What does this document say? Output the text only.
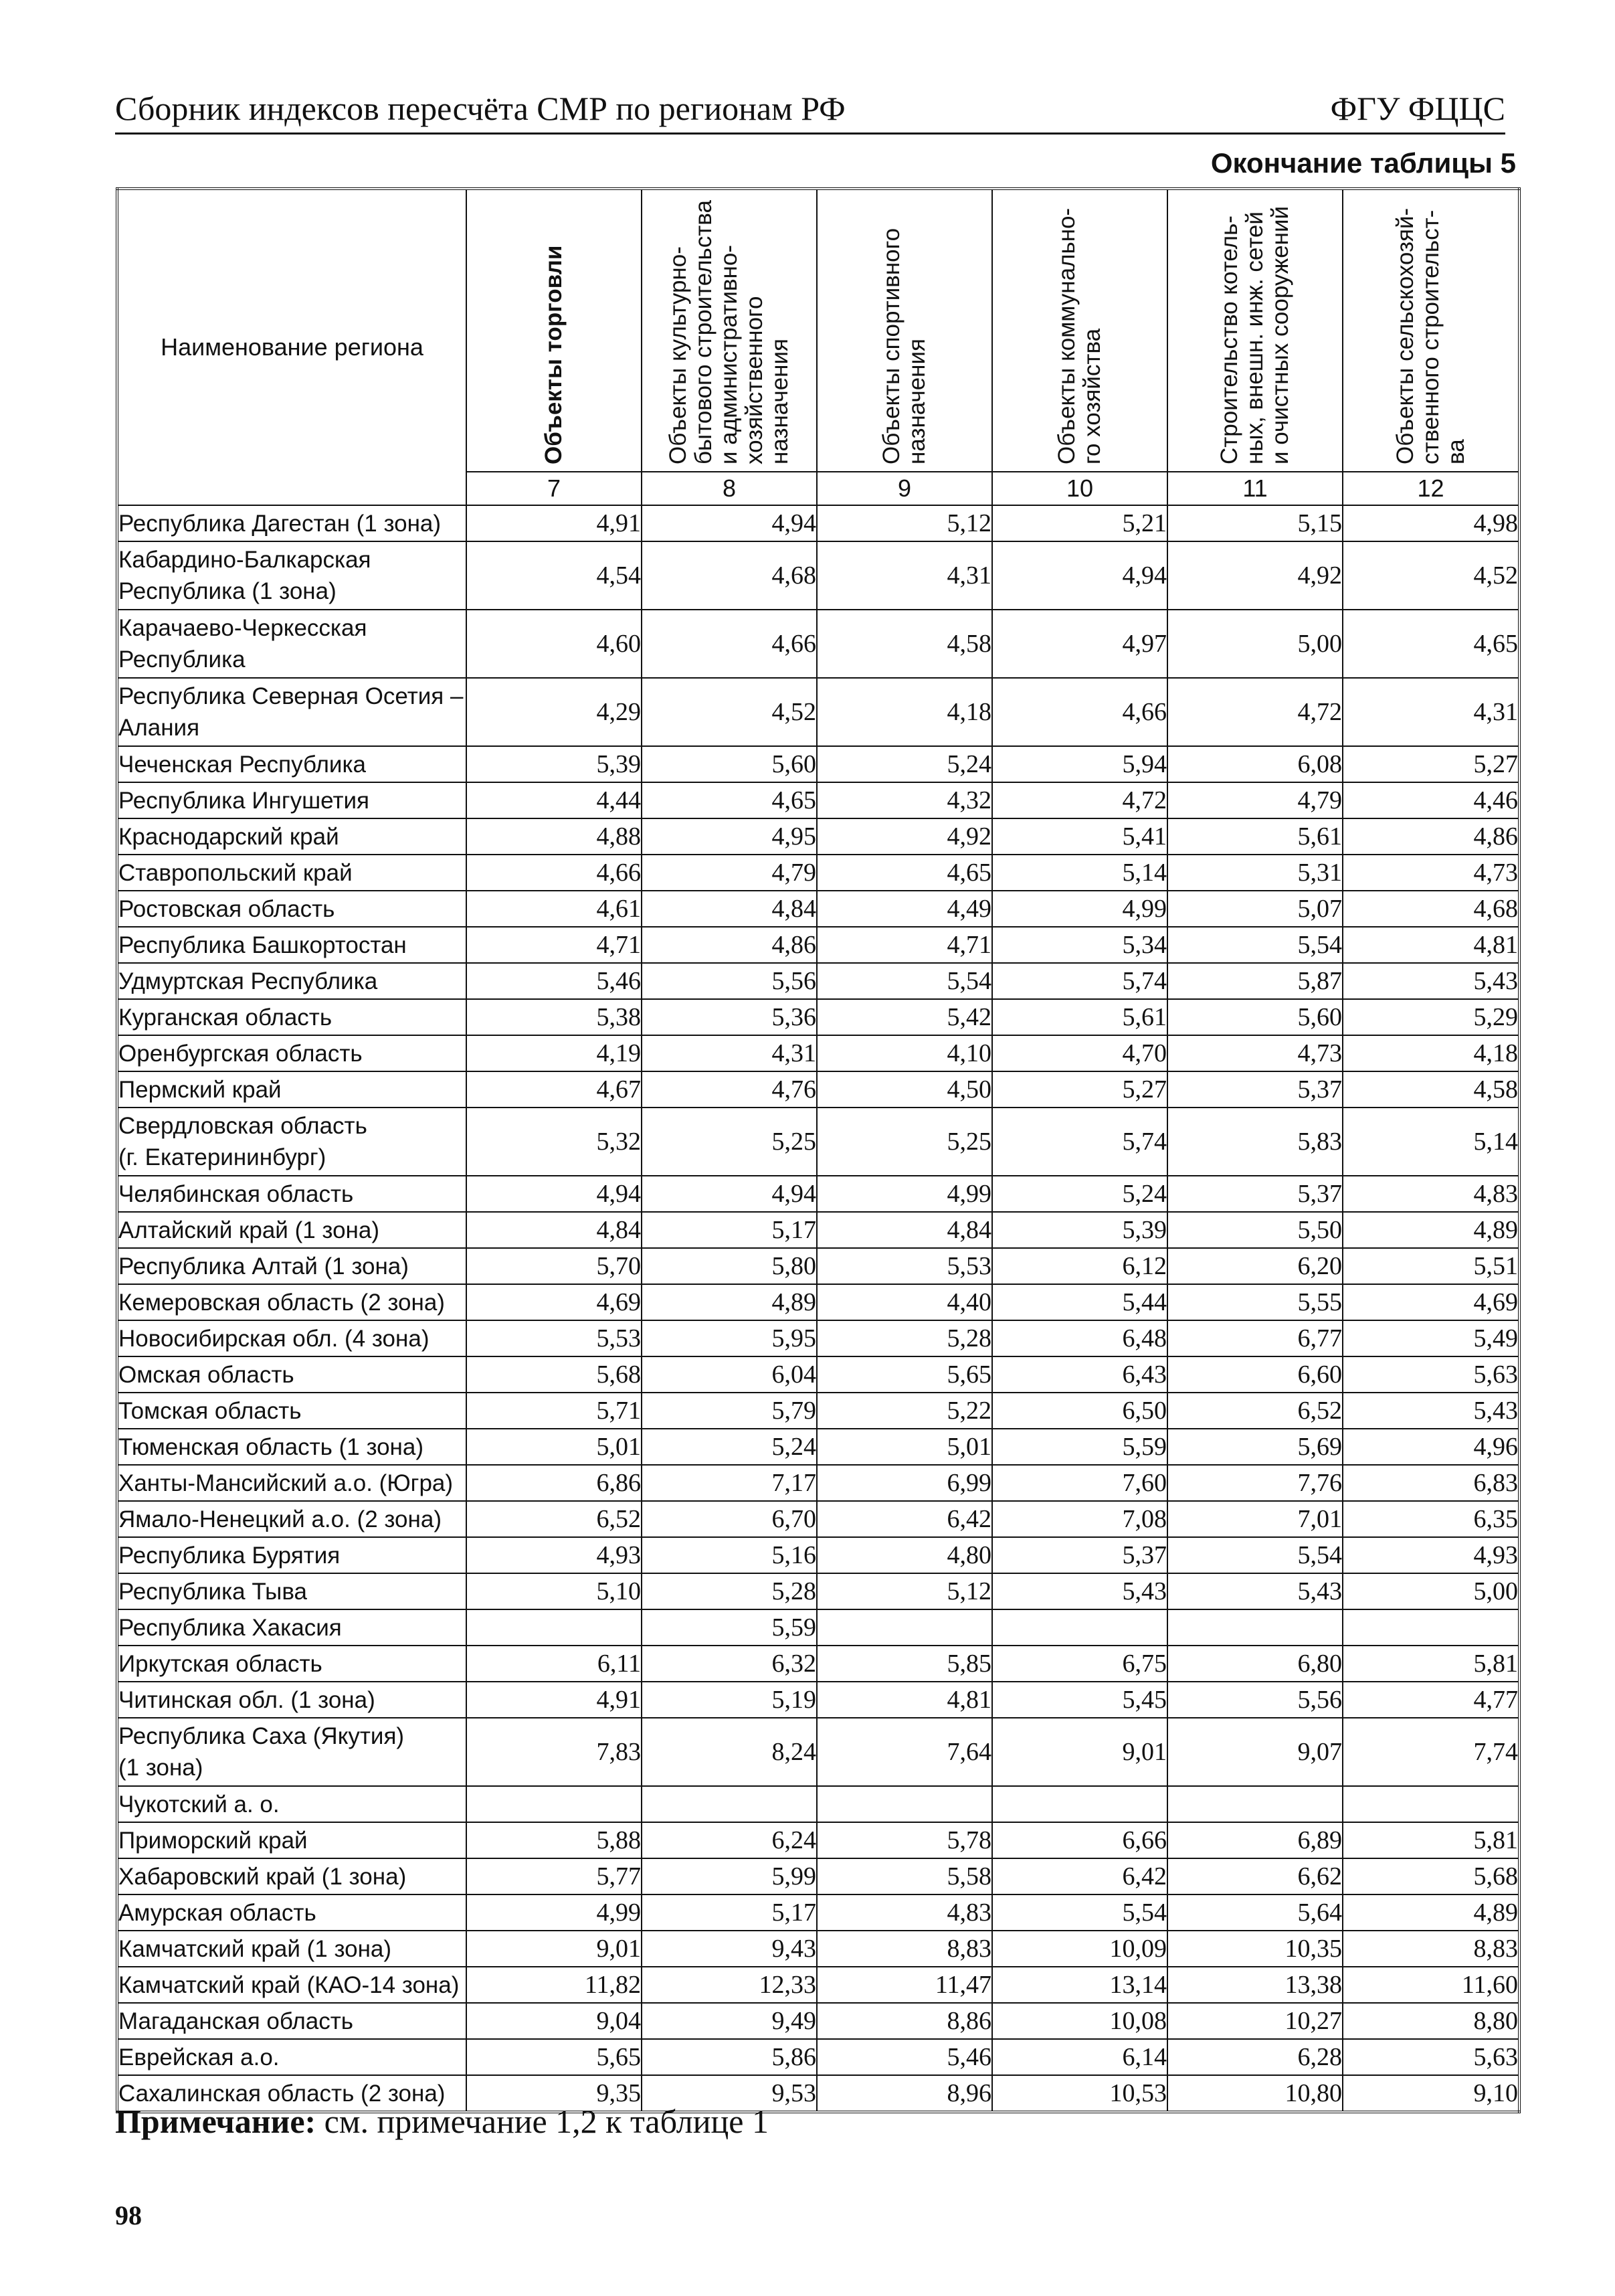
Сборник индексов пересчёта СМР по регионам РФ	ФГУ ФЦЦС
Окончание таблицы 5
Наименование региона	Объекты торговли	Объекты культурно-
бытового строительства
и административно-
хозяйственного
назначения	Объекты спортивного
назначения	Объекты коммунально-
го хозяйства	Строительство котель-
ных, внешн. инж. сетей
и очистных сооружений	Объекты сельскохозяй-
ственного строительст-
ва

	7	8	9	10	11	12
Республика Дагестан (1 зона)	4,91	4,94	5,12	5,21	5,15	4,98
Кабардино-Балкарская
Республика (1 зона)	4,54	4,68	4,31	4,94	4,92	4,52
Карачаево-Черкесская
Республика	4,60	4,66	4,58	4,97	5,00	4,65
Республика Северная Осетия –
Алания	4,29	4,52	4,18	4,66	4,72	4,31
Чеченская Республика	5,39	5,60	5,24	5,94	6,08	5,27
Республика Ингушетия	4,44	4,65	4,32	4,72	4,79	4,46
Краснодарский край	4,88	4,95	4,92	5,41	5,61	4,86
Ставропольский край	4,66	4,79	4,65	5,14	5,31	4,73
Ростовская область	4,61	4,84	4,49	4,99	5,07	4,68
Республика Башкортостан	4,71	4,86	4,71	5,34	5,54	4,81
Удмуртская Республика	5,46	5,56	5,54	5,74	5,87	5,43
Курганская область	5,38	5,36	5,42	5,61	5,60	5,29
Оренбургская область	4,19	4,31	4,10	4,70	4,73	4,18
Пермский край	4,67	4,76	4,50	5,27	5,37	4,58
Свердловская область
(г. Екатерининбург)	5,32	5,25	5,25	5,74	5,83	5,14
Челябинская область	4,94	4,94	4,99	5,24	5,37	4,83
Алтайский край (1 зона)	4,84	5,17	4,84	5,39	5,50	4,89
Республика Алтай (1 зона)	5,70	5,80	5,53	6,12	6,20	5,51
Кемеровская область (2 зона)	4,69	4,89	4,40	5,44	5,55	4,69
Новосибирская обл. (4 зона)	5,53	5,95	5,28	6,48	6,77	5,49
Омская область	5,68	6,04	5,65	6,43	6,60	5,63
Томская область	5,71	5,79	5,22	6,50	6,52	5,43
Тюменская область (1 зона)	5,01	5,24	5,01	5,59	5,69	4,96
Ханты-Мансийский а.о. (Югра)	6,86	7,17	6,99	7,60	7,76	6,83
Ямало-Ненецкий а.о. (2 зона)	6,52	6,70	6,42	7,08	7,01	6,35
Республика Бурятия	4,93	5,16	4,80	5,37	5,54	4,93
Республика Тыва	5,10	5,28	5,12	5,43	5,43	5,00
Республика Хакасия		5,59				
Иркутская область	6,11	6,32	5,85	6,75	6,80	5,81
Читинская обл. (1 зона)	4,91	5,19	4,81	5,45	5,56	4,77
Республика Саха (Якутия)
(1 зона)	7,83	8,24	7,64	9,01	9,07	7,74
Чукотский а. о.						
Приморский край	5,88	6,24	5,78	6,66	6,89	5,81
Хабаровский край (1 зона)	5,77	5,99	5,58	6,42	6,62	5,68
Амурская область	4,99	5,17	4,83	5,54	5,64	4,89
Камчатский край (1 зона)	9,01	9,43	8,83	10,09	10,35	8,83
Камчатский край (КАО-14 зона)	11,82	12,33	11,47	13,14	13,38	11,60
Магаданская область	9,04	9,49	8,86	10,08	10,27	8,80
Еврейская а.о.	5,65	5,86	5,46	6,14	6,28	5,63
Сахалинская область (2 зона)	9,35	9,53	8,96	10,53	10,80	9,10
Примечание: см. примечание 1,2 к таблице 1
98
